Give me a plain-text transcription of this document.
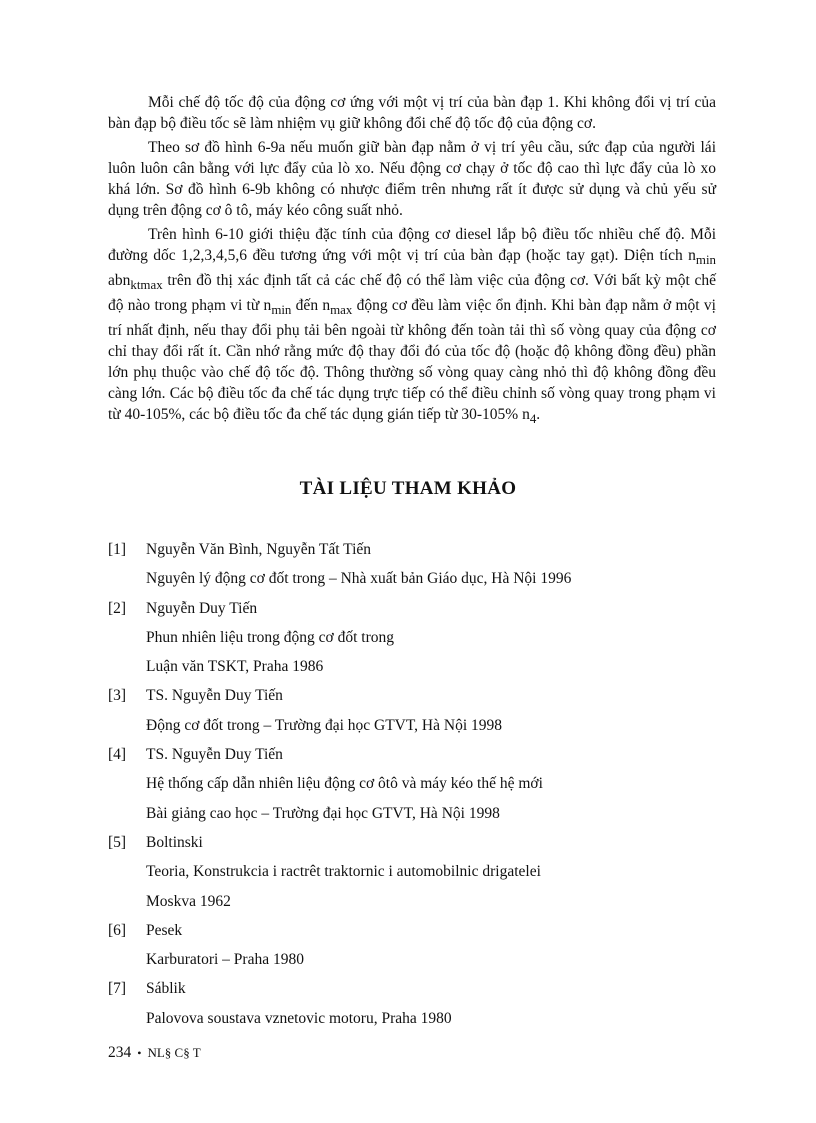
Mỗi chế độ tốc độ của động cơ ứng với một vị trí của bàn đạp 1. Khi không đổi vị trí của bàn đạp bộ điều tốc sẽ làm nhiệm vụ giữ không đổi chế độ tốc độ của động cơ.

Theo sơ đồ hình 6-9a nếu muốn giữ bàn đạp nằm ở vị trí yêu cầu, sức đạp của người lái luôn luôn cân bằng với lực đẩy của lò xo. Nếu động cơ chạy ở tốc độ cao thì lực đẩy của lò xo khá lớn. Sơ đồ hình 6-9b không có nhược điểm trên nhưng rất ít được sử dụng và chủ yếu sử dụng trên động cơ ô tô, máy kéo công suất nhỏ.

Trên hình 6-10 giới thiệu đặc tính của động cơ diesel lắp bộ điều tốc nhiều chế độ. Mỗi đường dốc 1,2,3,4,5,6 đều tương ứng với một vị trí của bàn đạp (hoặc tay gạt). Diện tích $n_{min}$ abn$_{ktmax}$ trên đồ thị xác định tất cả các chế độ có thể làm việc của động cơ. Với bất kỳ một chế độ nào trong phạm vi từ $n_{min}$ đến $n_{max}$ động cơ đều làm việc ổn định. Khi bàn đạp nằm ở một vị trí nhất định, nếu thay đổi phụ tải bên ngoài từ không đến toàn tải thì số vòng quay của động cơ chỉ thay đổi rất ít. Cần nhớ rằng mức độ thay đổi đó của tốc độ (hoặc độ không đồng đều) phần lớn phụ thuộc vào chế độ tốc độ. Thông thường số vòng quay càng nhỏ thì độ không đồng đều càng lớn. Các bộ điều tốc đa chế tác dụng trực tiếp có thể điều chỉnh số vòng quay trong phạm vi từ 40-105%, các bộ điều tốc đa chế tác dụng gián tiếp từ 30-105% $n_4$.

TÀI LIỆU THAM KHẢO
[1] Nguyễn Văn Bình, Nguyễn Tất Tiến
Nguyên lý động cơ đốt trong – Nhà xuất bản Giáo dục, Hà Nội 1996
[2] Nguyễn Duy Tiến
Phun nhiên liệu trong động cơ đốt trong
Luận văn TSKT, Praha 1986
[3] TS. Nguyễn Duy Tiến
Động cơ đốt trong – Trường đại học GTVT, Hà Nội 1998
[4] TS. Nguyễn Duy Tiến
Hệ thống cấp dẫn nhiên liệu động cơ ôtô và máy kéo thế hệ mới
Bài giảng cao học – Trường đại học GTVT, Hà Nội 1998
[5] Boltinski
Teoria, Konstrukcia i ractrêt traktornic i automobilnic drigatelei
Moskva 1962
[6] Pesek
Karburatori – Praha 1980
[7] Sáblik
Palovova soustava vznetovic motoru, Praha 1980
234 • NL§ C§ T
